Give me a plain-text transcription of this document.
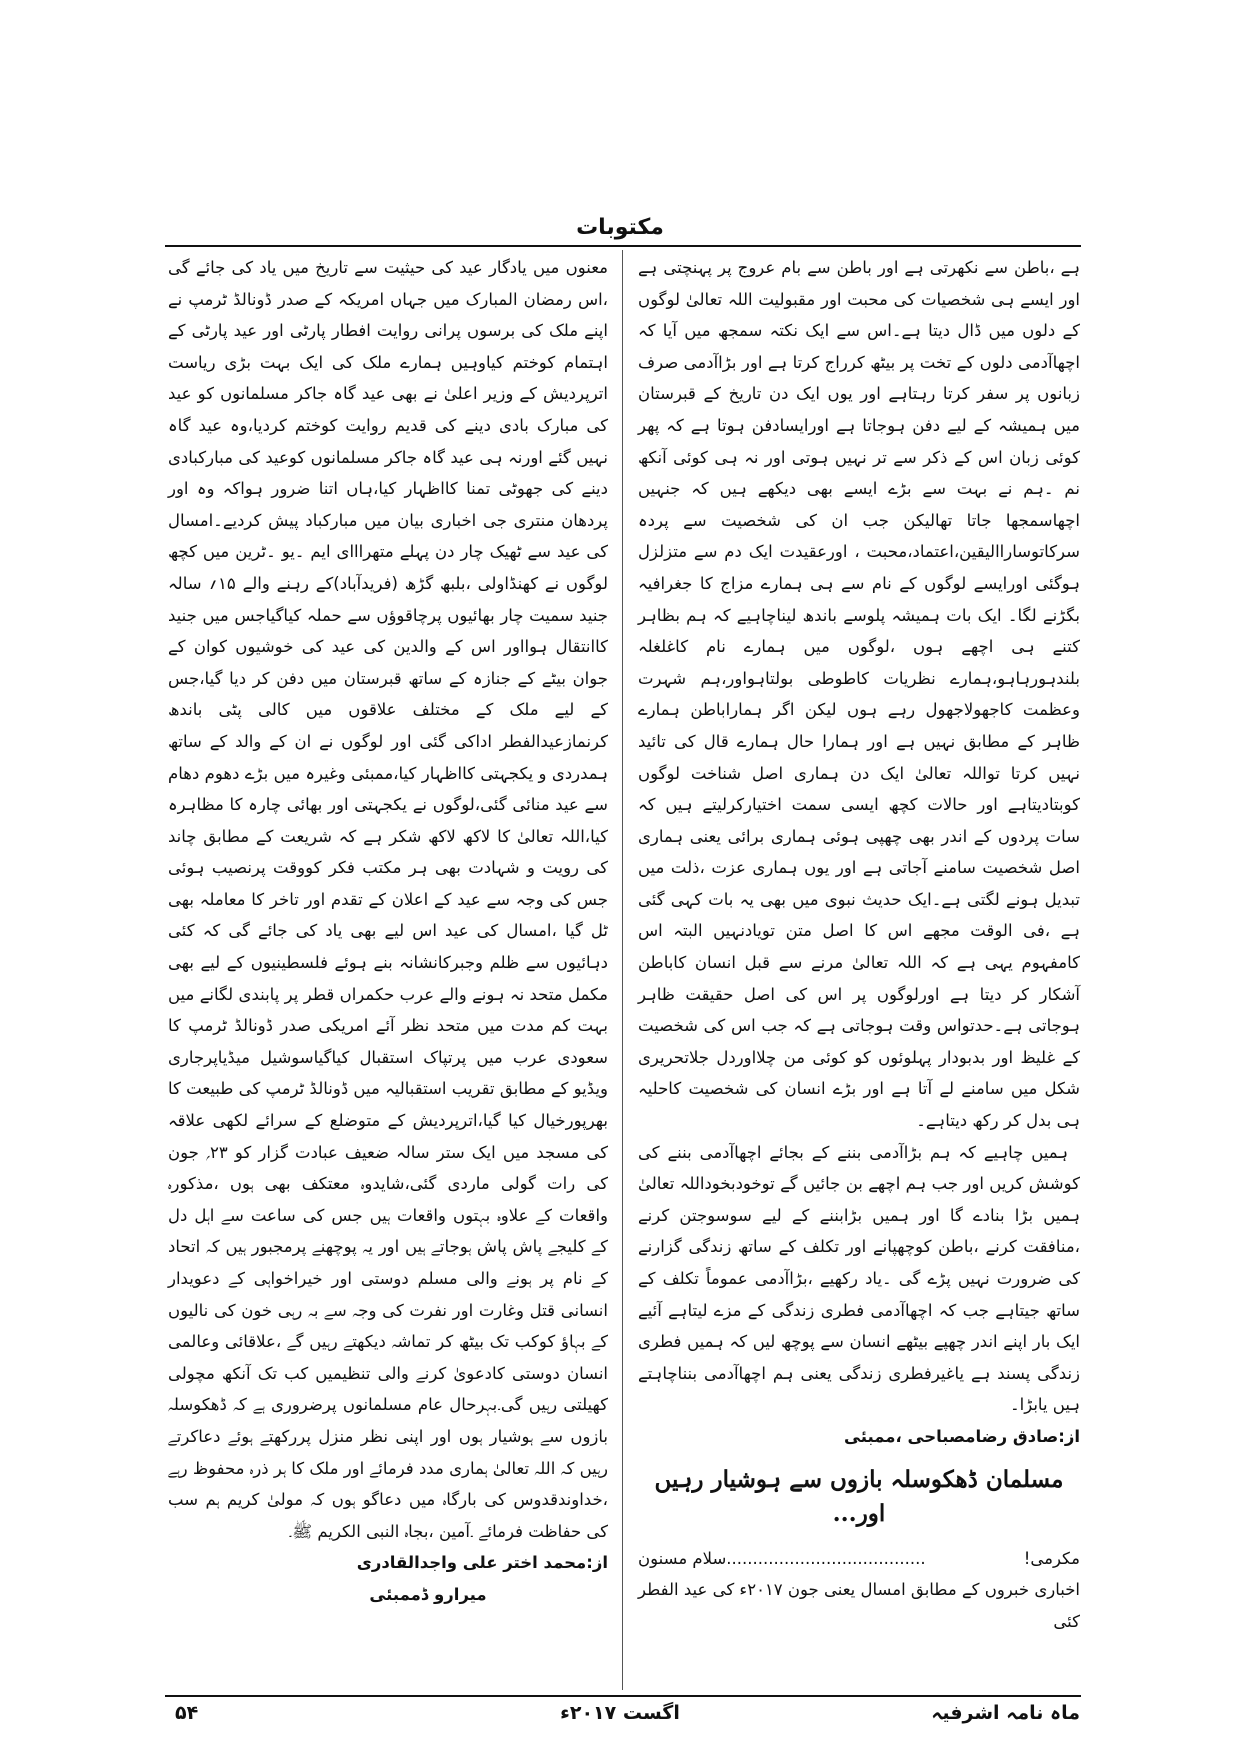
مکتوبات

ہے ،باطن سے نکھرتی ہے اور باطن سے بام عروج پر پہنچتی ہے اور ایسے ہی شخصیات کی محبت اور مقبولیت اللہ تعالیٰ لوگوں کے دلوں میں ڈال دیتا ہے۔اس سے ایک نکتہ سمجھ میں آیا کہ اچھاآدمی دلوں کے تخت پر بیٹھ کرراج کرتا ہے اور بڑاآدمی صرف زبانوں پر سفر کرتا رہتاہے اور یوں ایک دن تاریخ کے قبرستان میں ہمیشہ کے لیے دفن ہوجاتا ہے اورایسادفن ہوتا ہے کہ پھر کوئی زبان اس کے ذکر سے تر نہیں ہوتی اور نہ ہی کوئی آنکھ نم ۔ہم نے بہت سے بڑے ایسے بھی دیکھے ہیں کہ جنہیں اچھاسمجھا جاتا تھالیکن جب ان کی شخصیت سے پردہ سرکاتوساراالیقین،اعتماد،محبت ، اورعقیدت ایک دم سے متزلزل ہوگئی اورایسے لوگوں کے نام سے ہی ہمارے مزاج کا جغرافیہ بگڑنے لگا۔ ایک بات ہمیشہ پلوسے باندھ لیناچاہیے کہ ہم بظاہر کتنے ہی اچھے ہوں ،لوگوں میں ہمارے نام کاغلغلہ بلندہورہاہو،ہمارے نظریات کاطوطی بولتاہواور،ہم شہرت وعظمت کاجھولاجھول رہے ہوں لیکن اگر ہماراباطن ہمارے ظاہر کے مطابق نہیں ہے اور ہمارا حال ہمارے قال کی تائید نہیں کرتا تواللہ تعالیٰ ایک دن ہماری اصل شناخت لوگوں کوبتادیتاہے اور حالات کچھ ایسی سمت اختیارکرلیتے ہیں کہ سات پردوں کے اندر بھی چھپی ہوئی ہماری برائی یعنی ہماری اصل شخصیت سامنے آجاتی ہے اور یوں ہماری عزت ،ذلت میں تبدیل ہونے لگتی ہے۔ایک حدیث نبوی میں بھی یہ بات کہی گئی ہے ،فی الوقت مجھے اس کا اصل متن تویادنہیں البتہ اس کامفہوم یہی ہے کہ اللہ تعالیٰ مرنے سے قبل انسان کاباطن آشکار کر دیتا ہے اورلوگوں پر اس کی اصل حقیقت ظاہر ہوجاتی ہے۔حدتواس وقت ہوجاتی ہے کہ جب اس کی شخصیت کے غلیظ اور بدبودار پہلوئوں کو کوئی من چلااوردل جلاتحریری شکل میں سامنے لے آتا ہے اور بڑے انسان کی شخصیت کاحلیہ ہی بدل کر رکھ دیتاہے۔

ہمیں چاہیے کہ ہم بڑاآدمی بننے کے بجائے اچھاآدمی بننے کی کوشش کریں اور جب ہم اچھے بن جائیں گے توخودبخوداللہ تعالیٰ ہمیں بڑا بنادے گا اور ہمیں بڑابننے کے لیے سوسوجتن کرنے ،منافقت کرنے ،باطن کوچھپانے اور تکلف کے ساتھ زندگی گزارنے کی ضرورت نہیں پڑے گی ۔یاد رکھیے ،بڑاآدمی عموماً تکلف کے ساتھ جیتاہے جب کہ اچھاآدمی فطری زندگی کے مزے لیتاہے آئیے ایک بار اپنے اندر چھپے بیٹھے انسان سے پوچھ لیں کہ ہمیں فطری زندگی پسند ہے یاغیرفطری زندگی یعنی ہم اچھاآدمی بنناچاہتے ہیں یابڑا۔

از:صادق رضامصباحی ،ممبئی

مسلمان ڈھکوسلہ بازوں سے ہوشیار رہیں اور...

مکرمی!
......................................سلام مسنون

اخباری خبروں کے مطابق امسال یعنی جون ۲۰۱۷ء کی عید الفطر کئی

معنوں میں یادگار عید کی حیثیت سے تاریخ میں یاد کی جائے گی ،اس رمضان المبارک میں جہاں امریکہ کے صدر ڈونالڈ ٹرمپ نے اپنے ملک کی برسوں پرانی روایت افطار پارٹی اور عید پارٹی کے اہتمام کوختم کیاوہیں ہمارے ملک کی ایک بہت بڑی ریاست اترپردیش کے وزیر اعلیٰ نے بھی عید گاہ جاکر مسلمانوں کو عید کی مبارک بادی دینے کی قدیم روایت کوختم کردیا،وہ عید گاہ نہیں گئے اورنہ ہی عید گاہ جاکر مسلمانوں کوعید کی مبارکبادی دینے کی جھوٹی تمنا کااظہار کیا،ہاں اتنا ضرور ہواکہ وہ اور پردھان منتری جی اخباری بیان میں مبارکباد پیش کردیے۔امسال کی عید سے ٹھیک چار دن پہلے متھرااای ایم ۔یو ۔ٹرین میں کچھ لوگوں نے کھنڈاولی ،بلبھ گڑھ (فریدآباد)کے رہنے والے ۱۵؍ سالہ جنید سمیت چار بھائیوں پرچاقوؤں سے حملہ کیاگیاجس میں جنید کاانتقال ہوااور اس کے والدین کی عید کی خوشیوں کوان کے جوان بیٹے کے جنازہ کے ساتھ قبرستان میں دفن کر دیا گیا،جس کے لیے ملک کے مختلف علاقوں میں کالی پٹی باندھ کرنمازعیدالفطر اداکی گئی اور لوگوں نے ان کے والد کے ساتھ ہمدردی و یکجہتی کااظہار کیا،ممبئی وغیرہ میں بڑے دھوم دھام سے عید منائی گئی،لوگوں نے یکجہتی اور بھائی چارہ کا مظاہرہ کیا،اللہ تعالیٰ کا لاکھ لاکھ شکر ہے کہ شریعت کے مطابق چاند کی رویت و شہادت بھی ہر مکتب فکر کووقت پرنصیب ہوئی جس کی وجہ سے عید کے اعلان کے تقدم اور تاخر کا معاملہ بھی ٹل گیا ،امسال کی عید اس لیے بھی یاد کی جائے گی کہ کئی دہائیوں سے ظلم وجبرکانشانہ بنے ہوئے فلسطینیوں کے لیے بھی مکمل متحد نہ ہونے والے عرب حکمراں قطر پر پابندی لگانے میں بہت کم مدت میں متحد نظر آئے امریکی صدر ڈونالڈ ٹرمپ کا سعودی عرب میں پرتپاک استقبال کیاگیاسوشیل میڈیاپرجاری ویڈیو کے مطابق تقریب استقبالیہ میں ڈونالڈ ٹرمپ کی طبیعت کا بھرپورخیال کیا گیا،اترپردیش کے متوضلع کے سرائے لکھی علاقہ کی مسجد میں ایک ستر سالہ ضعیف عبادت گزار کو ۲۳؍ جون کی رات گولی ماردی گئی،شایدوہ معتکف بھی ہوں ،مذکورہ واقعات کے علاوہ بہتوں واقعات ہیں جس کی ساعت سے اہل دل کے کلیجے پاش پاش ہوجاتے ہیں اور یہ پوچھنے پرمجبور ہیں کہ اتحاد کے نام پر ہونے والی مسلم دوستی اور خیراخواہی کے دعویدار انسانی قتل وغارت اور نفرت کی وجہ سے بہ رہی خون کی نالیوں کے بہاؤ کوکب تک بیٹھ کر تماشہ دیکھتے رہیں گے ،علاقائی وعالمی انسان دوستی کادعویٰ کرنے والی تنظیمیں کب تک آنکھ مچولی کھیلتی رہیں گی۔بہرحال عام مسلمانوں پرضروری ہے کہ ڈھکوسلہ بازوں سے ہوشیار ہوں اور اپنی نظر منزل پررکھتے ہوئے دعاکرتے رہیں کہ اللہ تعالیٰ ہماری مدد فرمائے اور ملک کا ہر ذرہ محفوظ رہے ،خداوندقدوس کی بارگاہ میں دعاگو ہوں کہ مولیٰ کریم ہم سب کی حفاظت فرمائے ۔آمین ،بجاہ النبی الکریم ﷺ۔

از:محمد اختر علی واجدالقادری
میرارو ڈممبئی
ماہ نامہ اشرفیہ
اگست ۲۰۱۷ء
۵۴
